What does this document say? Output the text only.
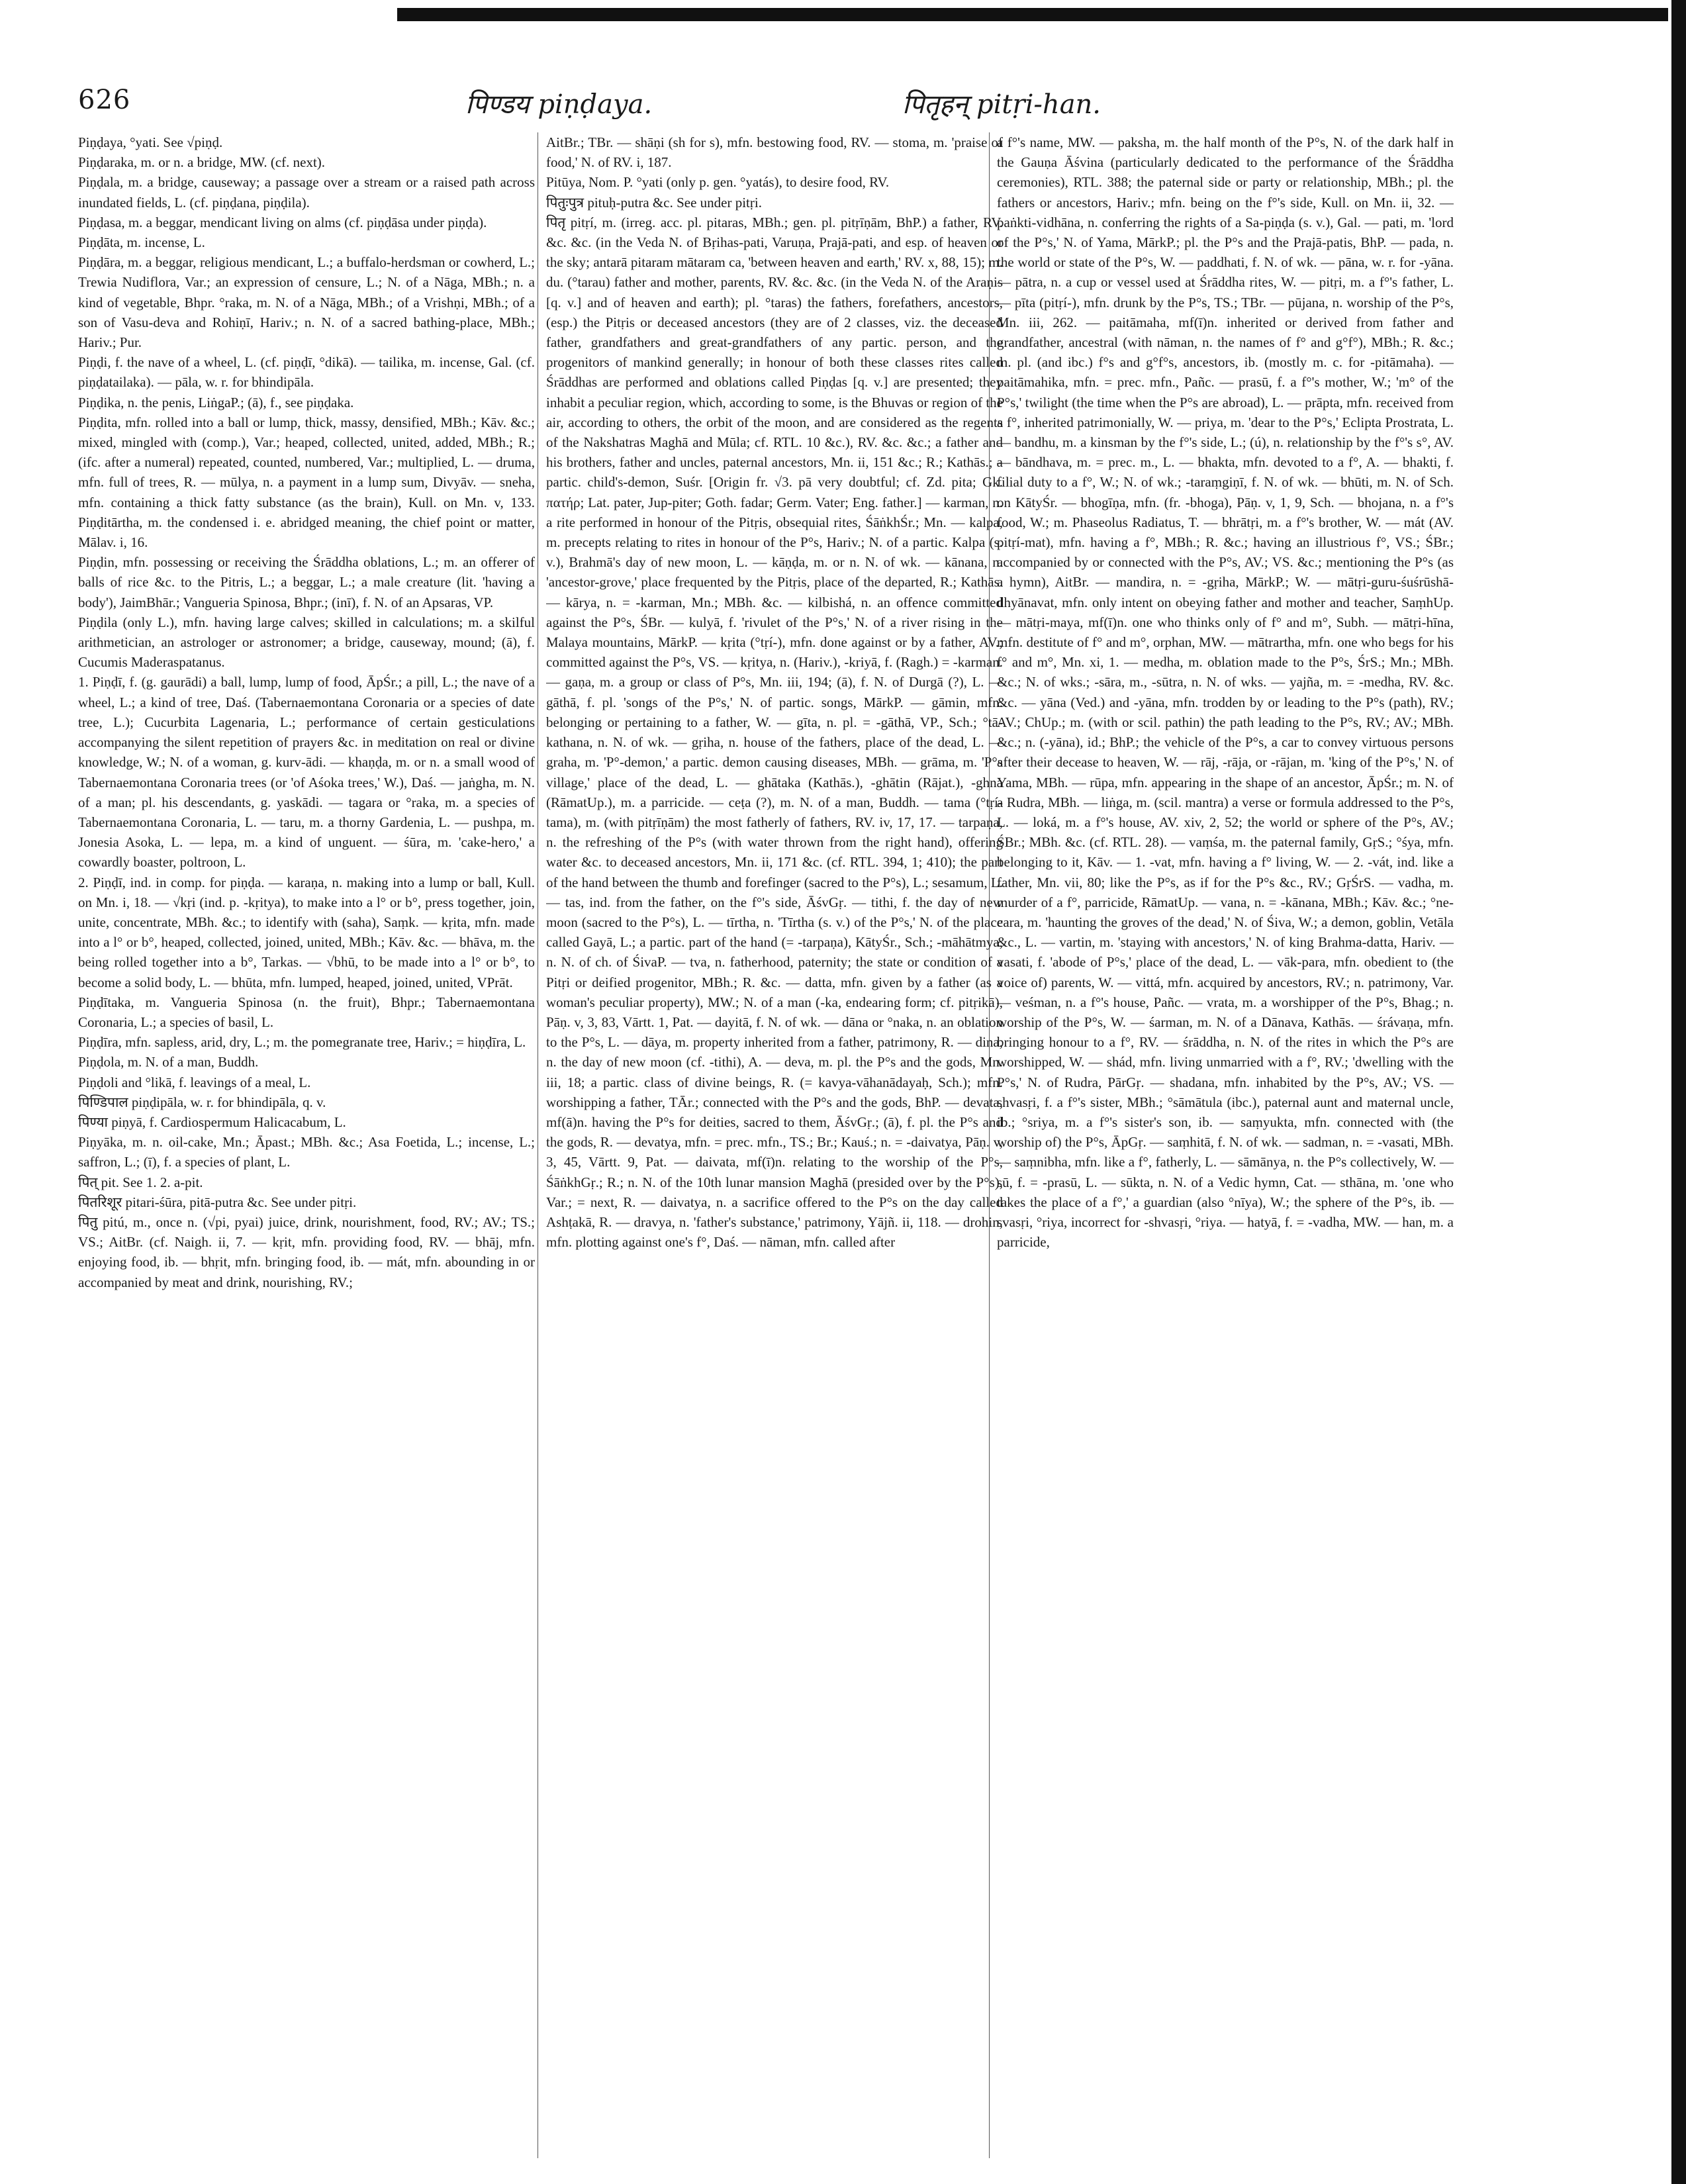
626	पिण्डय piṇḍaya.	पितृहन् pitṛi-han.

Piṇḍaya, °yati. See √piṇḍ.

Piṇḍaraka, m. or n. a bridge, MW. (cf. next).

Piṇḍala, m. a bridge, causeway; a passage over a stream or a raised path across inundated fields, L. (cf. piṇḍana, piṇḍila).

Piṇḍasa, m. a beggar, mendicant living on alms (cf. piṇḍāsa under piṇḍa).

Piṇḍāta, m. incense, L.

Piṇḍāra, m. a beggar, religious mendicant, L.; a buffalo-herdsman or cowherd, L.; Trewia Nudiflora, Var.; an expression of censure, L.; N. of a Nāga, MBh.; n. a kind of vegetable, Bhpr. °raka, m. N. of a Nāga, MBh.; of a Vrishṇi, MBh.; of a son of Vasu-deva and Rohiṇī, Hariv.; n. N. of a sacred bathing-place, MBh.; Hariv.; Pur.

Piṇḍi, f. the nave of a wheel, L. (cf. piṇḍī, °dikā). — tailika, m. incense, Gal. (cf. piṇḍatailaka). — pāla, w. r. for bhindipāla.

Piṇḍika, n. the penis, LiṅgaP.; (ā), f., see piṇḍaka.

Piṇḍita, mfn. rolled into a ball or lump, thick, massy, densified, MBh.; Kāv. &c.; mixed, mingled with (comp.), Var.; heaped, collected, united, added, MBh.; R.; (ifc. after a numeral) repeated, counted, numbered, Var.; multiplied, L. — druma, mfn. full of trees, R. — mūlya, n. a payment in a lump sum, Divyāv. — sneha, mfn. containing a thick fatty substance (as the brain), Kull. on Mn. v, 133. Piṇḍitārtha, m. the condensed i. e. abridged meaning, the chief point or matter, Mālav. i, 16.

Piṇḍin, mfn. possessing or receiving the Śrāddha oblations, L.; m. an offerer of balls of rice &c. to the Pitris, L.; a beggar, L.; a male creature (lit. 'having a body'), JaimBhār.; Vangueria Spinosa, Bhpr.; (inī), f. N. of an Apsaras, VP.

Piṇḍila (only L.), mfn. having large calves; skilled in calculations; m. a skilful arithmetician, an astrologer or astronomer; a bridge, causeway, mound; (ā), f. Cucumis Maderaspatanus.

1. Piṇḍī, f. (g. gaurādi) a ball, lump, lump of food, ĀpŚr.; a pill, L.; the nave of a wheel, L.; a kind of tree, Daś. (Tabernaemontana Coronaria or a species of date tree, L.); Cucurbita Lagenaria, L.; performance of certain gesticulations accompanying the silent repetition of prayers &c. in meditation on real or divine knowledge, W.; N. of a woman, g. kurv-ādi. — khaṇḍa, m. or n. a small wood of Tabernaemontana Coronaria trees (or 'of Aśoka trees,' W.), Daś. — jaṅgha, m. N. of a man; pl. his descendants, g. yaskādi. — tagara or °raka, m. a species of Tabernaemontana Coronaria, L. — taru, m. a thorny Gardenia, L. — pushpa, m. Jonesia Asoka, L. — lepa, m. a kind of unguent. — śūra, m. 'cake-hero,' a cowardly boaster, poltroon, L.

2. Piṇḍī, ind. in comp. for piṇḍa. — karaṇa, n. making into a lump or ball, Kull. on Mn. i, 18. — √kṛi (ind. p. -kṛitya), to make into a l° or b°, press together, join, unite, concentrate, MBh. &c.; to identify with (saha), Saṃk. — kṛita, mfn. made into a l° or b°, heaped, collected, joined, united, MBh.; Kāv. &c. — bhāva, m. the being rolled together into a b°, Tarkas. — √bhū, to be made into a l° or b°, to become a solid body, L. — bhūta, mfn. lumped, heaped, joined, united, VPrāt.

Piṇḍītaka, m. Vangueria Spinosa (n. the fruit), Bhpr.; Tabernaemontana Coronaria, L.; a species of basil, L.

Piṇḍīra, mfn. sapless, arid, dry, L.; m. the pomegranate tree, Hariv.; = hiṇḍīra, L.

Piṇḍola, m. N. of a man, Buddh.

Piṇḍoli and °likā, f. leavings of a meal, L.

पिण्डिपाल piṇḍipāla, w. r. for bhindipāla, q. v.

पिण्या piṇyā, f. Cardiospermum Halicacabum, L.

Piṇyāka, m. n. oil-cake, Mn.; Āpast.; MBh. &c.; Asa Foetida, L.; incense, L.; saffron, L.; (ī), f. a species of plant, L.

पित् pit. See 1. 2. a-pit.

पितरिशूर pitari-śūra, pitā-putra &c. See under pitṛi.

पितु pitú, m., once n. (√pi, pyai) juice, drink, nourishment, food, RV.; AV.; TS.; VS.; AitBr. (cf. Naigh. ii, 7. — kṛit, mfn. providing food, RV. — bhāj, mfn. enjoying food, ib. — bhṛit, mfn. bringing food, ib. — mát, mfn. abounding in or accompanied by meat and drink, nourishing, RV.;

AitBr.; TBr. — shāṇi (sh for s), mfn. bestowing food, RV. — stoma, m. 'praise of food,' N. of RV. i, 187.

Pitūya, Nom. P. °yati (only p. gen. °yatás), to desire food, RV.

पितुःपुत्र pituḥ-putra &c. See under pitṛi.

पितृ pitṛí, m. (irreg. acc. pl. pitaras, MBh.; gen. pl. pitṛīṇām, BhP.) a father, RV. &c. &c. (in the Veda N. of Bṛihas-pati, Varuṇa, Prajā-pati, and esp. of heaven or the sky; antarā pitaram mātaram ca, 'between heaven and earth,' RV. x, 88, 15); m. du. (°tarau) father and mother, parents, RV. &c. &c. (in the Veda N. of the Araṇis [q. v.] and of heaven and earth); pl. °taras) the fathers, forefathers, ancestors, (esp.) the Pitṛis or deceased ancestors (they are of 2 classes, viz. the deceased father, grandfathers and great-grandfathers of any partic. person, and the progenitors of mankind generally; in honour of both these classes rites called Śrāddhas are performed and oblations called Piṇḍas [q. v.] are presented; they inhabit a peculiar region, which, according to some, is the Bhuvas or region of the air, according to others, the orbit of the moon, and are considered as the regents of the Nakshatras Maghā and Mūla; cf. RTL. 10 &c.), RV. &c. &c.; a father and his brothers, father and uncles, paternal ancestors, Mn. ii, 151 &c.; R.; Kathās.; a partic. child's-demon, Suśr. [Origin fr. √3. pā very doubtful; cf. Zd. pita; Gk. πατήρ; Lat. pater, Jup-piter; Goth. fadar; Germ. Vater; Eng. father.] — karman, n. a rite performed in honour of the Pitṛis, obsequial rites, ŚāṅkhŚr.; Mn. — kalpa, m. precepts relating to rites in honour of the P°s, Hariv.; N. of a partic. Kalpa (s. v.), Brahmā's day of new moon, L. — kāṇḍa, m. or n. N. of wk. — kānana, n. 'ancestor-grove,' place frequented by the Pitṛis, place of the departed, R.; Kathās. — kārya, n. = -karman, Mn.; MBh. &c. — kilbishá, n. an offence committed against the P°s, ŚBr. — kulyā, f. 'rivulet of the P°s,' N. of a river rising in the Malaya mountains, MārkP. — kṛita (°tṛí-), mfn. done against or by a father, AV.; committed against the P°s, VS. — kṛitya, n. (Hariv.), -kriyā, f. (Ragh.) = -karman. — gaṇa, m. a group or class of P°s, Mn. iii, 194; (ā), f. N. of Durgā (?), L. — gāthā, f. pl. 'songs of the P°s,' N. of partic. songs, MārkP. — gāmin, mfn. belonging or pertaining to a father, W. — gīta, n. pl. = -gāthā, VP., Sch.; °tā-kathana, n. N. of wk. — gṛiha, n. house of the fathers, place of the dead, L. — graha, m. 'P°-demon,' a partic. demon causing diseases, MBh. — grāma, m. 'P°s village,' place of the dead, L. — ghātaka (Kathās.), -ghātin (Rājat.), -ghna (RāmatUp.), m. a parricide. — ceṭa (?), m. N. of a man, Buddh. — tama (°tṛí-tama), m. (with pitṛīṇām) the most fatherly of fathers, RV. iv, 17, 17. — tarpaṇa, n. the refreshing of the P°s (with water thrown from the right hand), offering water &c. to deceased ancestors, Mn. ii, 171 &c. (cf. RTL. 394, 1; 410); the part of the hand between the thumb and forefinger (sacred to the P°s), L.; sesamum, L. — tas, ind. from the father, on the f°'s side, ĀśvGṛ. — tithi, f. the day of new moon (sacred to the P°s), L. — tīrtha, n. 'Tīrtha (s. v.) of the P°s,' N. of the place called Gayā, L.; a partic. part of the hand (= -tarpaṇa), KātyŚr., Sch.; -māhātmya, n. N. of ch. of ŚivaP. — tva, n. fatherhood, paternity; the state or condition of a Pitṛi or deified progenitor, MBh.; R. &c. — datta, mfn. given by a father (as a woman's peculiar property), MW.; N. of a man (-ka, endearing form; cf. pitṛikā), Pāṇ. v, 3, 83, Vārtt. 1, Pat. — dayitā, f. N. of wk. — dāna or °naka, n. an oblation to the P°s, L. — dāya, m. property inherited from a father, patrimony, R. — dina, n. the day of new moon (cf. -tithi), A. — deva, m. pl. the P°s and the gods, Mn. iii, 18; a partic. class of divine beings, R. (= kavya-vāhanādayaḥ, Sch.); mfn. worshipping a father, TĀr.; connected with the P°s and the gods, BhP. — devata, mf(ā)n. having the P°s for deities, sacred to them, ĀśvGṛ.; (ā), f. pl. the P°s and the gods, R. — devatya, mfn. = prec. mfn., TS.; Br.; Kauś.; n. = -daivatya, Pāṇ. v, 3, 45, Vārtt. 9, Pat. — daivata, mf(ī)n. relating to the worship of the P°s, ŚāṅkhGṛ.; R.; n. N. of the 10th lunar mansion Maghā (presided over by the P°s), Var.; = next, R. — daivatya, n. a sacrifice offered to the P°s on the day called Ashṭakā, R. — dravya, n. 'father's substance,' patrimony, Yājñ. ii, 118. — drohin, mfn. plotting against one's f°, Daś. — nāman, mfn. called after

a f°'s name, MW. — paksha, m. the half month of the P°s, N. of the dark half in the Gauṇa Āśvina (particularly dedicated to the performance of the Śrāddha ceremonies), RTL. 388; the paternal side or party or relationship, MBh.; pl. the fathers or ancestors, Hariv.; mfn. being on the f°'s side, Kull. on Mn. ii, 32. — paṅkti-vidhāna, n. conferring the rights of a Sa-piṇḍa (s. v.), Gal. — pati, m. 'lord of the P°s,' N. of Yama, MārkP.; pl. the P°s and the Prajā-patis, BhP. — pada, n. the world or state of the P°s, W. — paddhati, f. N. of wk. — pāna, w. r. for -yāna. — pātra, n. a cup or vessel used at Śrāddha rites, W. — pitṛi, m. a f°'s father, L. — pīta (pitṛí-), mfn. drunk by the P°s, TS.; TBr. — pūjana, n. worship of the P°s, Mn. iii, 262. — paitāmaha, mf(ī)n. inherited or derived from father and grandfather, ancestral (with nāman, n. the names of f° and g°f°), MBh.; R. &c.; m. pl. (and ibc.) f°s and g°f°s, ancestors, ib. (mostly m. c. for -pitāmaha). — paitāmahika, mfn. = prec. mfn., Pañc. — prasū, f. a f°'s mother, W.; 'm° of the P°s,' twilight (the time when the P°s are abroad), L. — prāpta, mfn. received from a f°, inherited patrimonially, W. — priya, m. 'dear to the P°s,' Eclipta Prostrata, L. — bandhu, m. a kinsman by the f°'s side, L.; (ú), n. relationship by the f°'s s°, AV. — bāndhava, m. = prec. m., L. — bhakta, mfn. devoted to a f°, A. — bhakti, f. filial duty to a f°, W.; N. of wk.; -taraṃgiṇī, f. N. of wk. — bhūti, m. N. of Sch. on KātyŚr. — bhogīṇa, mfn. (fr. -bhoga), Pāṇ. v, 1, 9, Sch. — bhojana, n. a f°'s food, W.; m. Phaseolus Radiatus, T. — bhrātṛi, m. a f°'s brother, W. — mát (AV. pitṛí-mat), mfn. having a f°, MBh.; R. &c.; having an illustrious f°, VS.; ŚBr.; accompanied by or connected with the P°s, AV.; VS. &c.; mentioning the P°s (as a hymn), AitBr. — mandira, n. = -gṛiha, MārkP.; W. — mātṛi-guru-śuśrūshā-dhyānavat, mfn. only intent on obeying father and mother and teacher, SaṃhUp. — mātṛi-maya, mf(ī)n. one who thinks only of f° and m°, Subh. — mātṛi-hīna, mfn. destitute of f° and m°, orphan, MW. — mātrartha, mfn. one who begs for his f° and m°, Mn. xi, 1. — medha, m. oblation made to the P°s, ŚrS.; Mn.; MBh. &c.; N. of wks.; -sāra, m., -sūtra, n. N. of wks. — yajña, m. = -medha, RV. &c. &c. — yāna (Ved.) and -yāna, mfn. trodden by or leading to the P°s (path), RV.; AV.; ChUp.; m. (with or scil. pathin) the path leading to the P°s, RV.; AV.; MBh. &c.; n. (-yāna), id.; BhP.; the vehicle of the P°s, a car to convey virtuous persons after their decease to heaven, W. — rāj, -rāja, or -rājan, m. 'king of the P°s,' N. of Yama, MBh. — rūpa, mfn. appearing in the shape of an ancestor, ĀpŚr.; m. N. of a Rudra, MBh. — liṅga, m. (scil. mantra) a verse or formula addressed to the P°s, L. — loká, m. a f°'s house, AV. xiv, 2, 52; the world or sphere of the P°s, AV.; ŚBr.; MBh. &c. (cf. RTL. 28). — vaṃśa, m. the paternal family, GṛS.; °śya, mfn. belonging to it, Kāv. — 1. -vat, mfn. having a f° living, W. — 2. -vát, ind. like a father, Mn. vii, 80; like the P°s, as if for the P°s &c., RV.; GṛŚrS. — vadha, m. murder of a f°, parricide, RāmatUp. — vana, n. = -kānana, MBh.; Kāv. &c.; °ne-cara, m. 'haunting the groves of the dead,' N. of Śiva, W.; a demon, goblin, Vetāla &c., L. — vartin, m. 'staying with ancestors,' N. of king Brahma-datta, Hariv. — vasati, f. 'abode of P°s,' place of the dead, L. — vāk-para, mfn. obedient to (the voice of) parents, W. — vittá, mfn. acquired by ancestors, RV.; n. patrimony, Var. — veśman, n. a f°'s house, Pañc. — vrata, m. a worshipper of the P°s, Bhag.; n. worship of the P°s, W. — śarman, m. N. of a Dānava, Kathās. — śrávaṇa, mfn. bringing honour to a f°, RV. — śrāddha, n. N. of the rites in which the P°s are worshipped, W. — shád, mfn. living unmarried with a f°, RV.; 'dwelling with the P°s,' N. of Rudra, PārGṛ. — shadana, mfn. inhabited by the P°s, AV.; VS. — shvasṛi, f. a f°'s sister, MBh.; °sāmātula (ibc.), paternal aunt and maternal uncle, ib.; °sriya, m. a f°'s sister's son, ib. — saṃyukta, mfn. connected with (the worship of) the P°s, ĀpGṛ. — saṃhitā, f. N. of wk. — sadman, n. = -vasati, MBh. — saṃnibha, mfn. like a f°, fatherly, L. — sāmānya, n. the P°s collectively, W. — sū, f. = -prasū, L. — sūkta, n. N. of a Vedic hymn, Cat. — sthāna, m. 'one who takes the place of a f°,' a guardian (also °nīya), W.; the sphere of the P°s, ib. — svasṛi, °riya, incorrect for -shvasṛi, °riya. — hatyā, f. = -vadha, MW. — han, m. a parricide,
